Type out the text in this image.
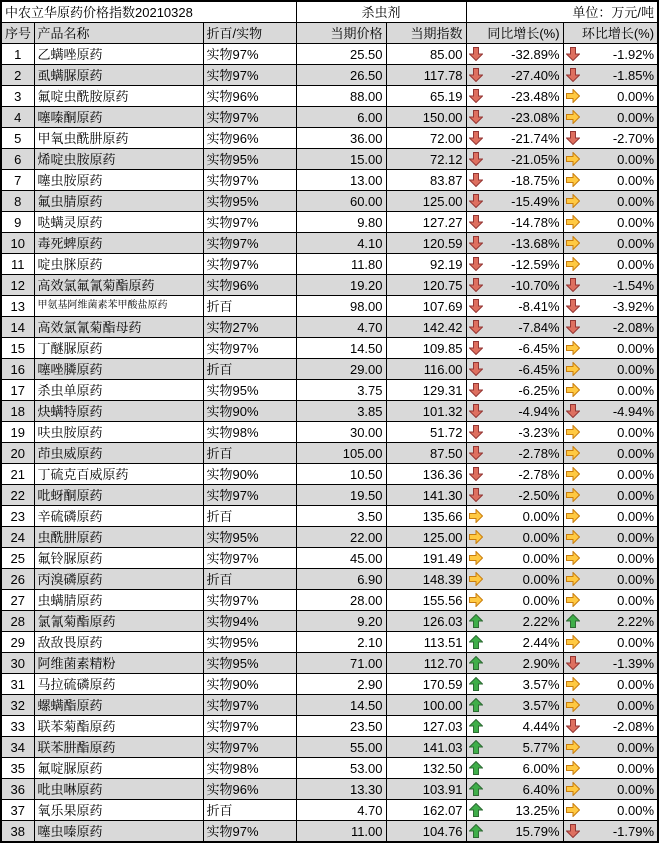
中农立华原药价格指数20210328			杀虫剂		单位：万元/吨	
序号	产品名称	折百/实物	当期价格	当期指数	同比增长(%)	环比增长(%)
1	乙螨唑原药	实物97%	25.50	85.00	-32.89%	-1.92%
2	虱螨脲原药	实物97%	26.50	117.78	-27.40%	-1.85%
3	氟啶虫酰胺原药	实物96%	88.00	65.19	-23.48%	0.00%
4	噻嗪酮原药	实物97%	6.00	150.00	-23.08%	0.00%
5	甲氧虫酰肼原药	实物96%	36.00	72.00	-21.74%	-2.70%
6	烯啶虫胺原药	实物95%	15.00	72.12	-21.05%	0.00%
7	噻虫胺原药	实物97%	13.00	83.87	-18.75%	0.00%
8	氟虫腈原药	实物95%	60.00	125.00	-15.49%	0.00%
9	哒螨灵原药	实物97%	9.80	127.27	-14.78%	0.00%
10	毒死蜱原药	实物97%	4.10	120.59	-13.68%	0.00%
11	啶虫脒原药	实物97%	11.80	92.19	-12.59%	0.00%
12	高效氯氟氰菊酯原药	实物96%	19.20	120.75	-10.70%	-1.54%
13	甲氨基阿维菌素苯甲酸盐原药	折百	98.00	107.69	-8.41%	-3.92%
14	高效氯氰菊酯母药	实物27%	4.70	142.42	-7.84%	-2.08%
15	丁醚脲原药	实物97%	14.50	109.85	-6.45%	0.00%
16	噻唑膦原药	折百	29.00	116.00	-6.45%	0.00%
17	杀虫单原药	实物95%	3.75	129.31	-6.25%	0.00%
18	炔螨特原药	实物90%	3.85	101.32	-4.94%	-4.94%
19	呋虫胺原药	实物98%	30.00	51.72	-3.23%	0.00%
20	茚虫威原药	折百	105.00	87.50	-2.78%	0.00%
21	丁硫克百威原药	实物90%	10.50	136.36	-2.78%	0.00%
22	吡蚜酮原药	实物97%	19.50	141.30	-2.50%	0.00%
23	辛硫磷原药	折百	3.50	135.66	0.00%	0.00%
24	虫酰肼原药	实物95%	22.00	125.00	0.00%	0.00%
25	氟铃脲原药	实物97%	45.00	191.49	0.00%	0.00%
26	丙溴磷原药	折百	6.90	148.39	0.00%	0.00%
27	虫螨腈原药	实物97%	28.00	155.56	0.00%	0.00%
28	氯氰菊酯原药	实物94%	9.20	126.03	2.22%	2.22%
29	敌敌畏原药	实物95%	2.10	113.51	2.44%	0.00%
30	阿维菌素精粉	实物95%	71.00	112.70	2.90%	-1.39%
31	马拉硫磷原药	实物90%	2.90	170.59	3.57%	0.00%
32	螺螨酯原药	实物97%	14.50	100.00	3.57%	0.00%
33	联苯菊酯原药	实物97%	23.50	127.03	4.44%	-2.08%
34	联苯肼酯原药	实物97%	55.00	141.03	5.77%	0.00%
35	氟啶脲原药	实物98%	53.00	132.50	6.00%	0.00%
36	吡虫啉原药	实物96%	13.30	103.91	6.40%	0.00%
37	氧乐果原药	折百	4.70	162.07	13.25%	0.00%
38	噻虫嗪原药	实物97%	11.00	104.76	15.79%	-1.79%
